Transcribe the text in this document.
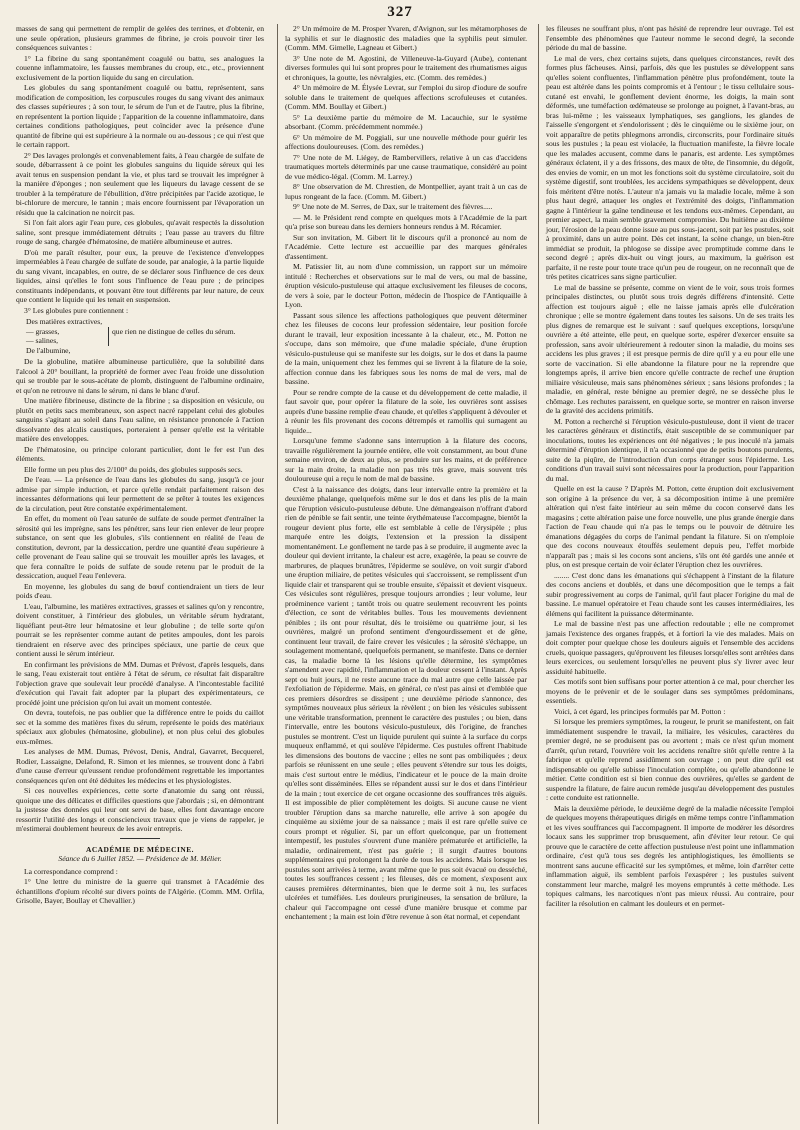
327

masses de sang qui permettent de remplir de gelées des terrines, et d'obtenir, en une seule opération, plusieurs grammes de fibrine, je crois pouvoir tirer les conséquences suivantes :

1° La fibrine du sang spontanément coagulé ou battu, ses analogues la couenne inflammatoire, les fausses membranes du croup, etc., etc., proviennent exclusivement de la portion liquide du sang en circulation.

Les globules du sang spontanément coagulé ou battu, représentent, sans modification de composition, les corpuscules rouges du sang vivant des animaux des classes supérieures ; à son tour, le sérum de l'un et de l'autre, plus la fibrine, en représentent la portion liquide ; l'apparition de la couenne inflammatoire, dans certaines conditions pathologiques, peut coïncider avec la présence d'une quantité de fibrine qui est supérieure à la normale ou au-dessous ; ce qui n'est que le certain rapport.

2° Des lavages prolongés et convenablement faits, à l'eau chargée de sulfate de soude, débarrassent à ce point les globules sanguins du liquide séreux qui les avait tenus en suspension pendant la vie, et plus tard se trouvait les imprégner à la manière d'éponges ; non seulement que les liqueurs du lavage cessent de se troubler à la température de l'ébullition, d'être précipitées par l'acide azotique, le bi-chlorure de mercure, le tannin ; mais encore fournissent par l'évaporation un résidu que la calcination ne noircit pas.

Si l'on fait alors agir l'eau pure, ces globules, qu'avait respectés la dissolution saline, sont presque immédiatement détruits ; l'eau passe au travers du filtre rouge de sang, chargée d'hématosine, de matière albumineuse et autres.

D'où me paraît résulter, pour eux, la preuve de l'existence d'enveloppes imperméables à l'eau chargée de sulfate de soude, par analogie, à la partie liquide du sang vivant, incapables, en outre, de se déclarer sous l'influence de ces deux liquides, ainsi qu'elles le font sous l'influence de l'eau pure ; de principes constituants indépendants, et pouvant être tout différents par leur nature, de ceux que contient le liquide qui les tenait en suspension.

3° Les globules pure contiennent :

Des matières extractives,
— grasses,
— salines,
que rien ne distingue de celles du sérum.
De l'albumine,

De la globuline, matière albumineuse particulière, que la solubilité dans l'alcool à 20° bouillant, la propriété de former avec l'eau froide une dissolution qui se trouble par le sous-acétate de plomb, distinguent de l'albumine ordinaire, et qu'on ne retrouve ni dans le sérum, ni dans le blanc d'œuf.

Une matière fibrineuse, distincte de la fibrine ; sa disposition en vésicule, ou plutôt en petits sacs membraneux, son aspect nacré rappelant celui des globules sanguins s'agitant au soleil dans l'eau saline, en résistance prononcée à l'action dissolvante des alcalis caustiques, porteraient à penser qu'elle est la véritable matière des enveloppes.

De l'hématosine, ou principe colorant particulier, dont le fer est l'un des éléments.

Elle forme un peu plus des 2/100° du poids, des globules supposés secs.

De l'eau. — La présence de l'eau dans les globules du sang, jusqu'à ce jour admise par simple induction, et parce qu'elle rendait parfaitement raison des incessantes déformations qui leur permettent de se prêter à toutes les exigences de la circulation, peut être constatée expérimentalement.

En effet, du moment où l'eau saturée de sulfate de soude permet d'entraîner la sérosité qui les imprègne, sans les pénétrer, sans leur rien enlever de leur propre substance, on sent que les globules, s'ils contiennent en réalité de l'eau de constitution, devront, par la dessiccation, perdre une quantité d'eau supérieure à celle provenant de l'eau saline qui se trouvait les mouiller après les lavages, et que fera connaître le poids de sulfate de soude retenu par le produit de la dessiccation, auquel l'eau l'enlevera.

En moyenne, les globules du sang de bœuf contiendraient un tiers de leur poids d'eau.

L'eau, l'albumine, les matières extractives, grasses et salines qu'on y rencontre, doivent constituer, à l'intérieur des globules, un véritable sérum hydratant, liquéfiant peut-être leur hématosine et leur globuline ; de telle sorte qu'on pourrait se les représenter comme autant de petites ampoules, dont les parois tiendraient en réserve avec des principes spéciaux, une partie de ceux que contient aussi le sérum intérieur.

En confirmant les prévisions de MM. Dumas et Prévost, d'après lesquels, dans le sang, l'eau existerait tout entière à l'état de sérum, ce résultat fait disparaître l'objection grave que soulevait leur procédé d'analyse. A l'incontestable facilité d'exécution qui l'avait fait adopter par la plupart des expérimentateurs, ce procédé joint une précision qu'on lui avait un moment contestée.

On devra, toutefois, ne pas oublier que la différence entre le poids du caillot sec et la somme des matières fixes du sérum, représente le poids des matériaux spéciaux aux globules (hématosine, globuline), et non plus celui des globules eux-mêmes.

Les analyses de MM. Dumas, Prévost, Denis, Andral, Gavarret, Becquerel, Rodier, Lassaigne, Delafond, R. Simon et les miennes, se trouvent donc à l'abri d'une cause d'erreur qu'eussent rendue profondément regrettable les importantes conséquences qu'en ont été déduites les médecins et les physiologistes.

Si ces nouvelles expériences, cette sorte d'anatomie du sang ont réussi, quoique une des délicates et difficiles questions que j'abordais ; si, en démontrant la justesse des données qui leur ont servi de base, elles font davantage encore ressortir l'utilité des longs et consciencieux travaux que je viens de rappeler, je m'estimerai doublement heureux de les avoir entrepris.

ACADÉMIE DE MÉDECINE.
Séance du 6 Juillet 1852. — Présidence de M. Mélier.

La correspondance comprend :

1° Une lettre du ministre de la guerre qui transmet à l'Académie des échantillons d'opium récolté sur divers points de l'Algérie. (Comm. MM. Orfila, Grisolle, Bayer, Boullay et Chevallier.)

2° Un mémoire de M. Prosper Yvaren, d'Avignon, sur les métamorphoses de la syphilis et sur le diagnostic des maladies que la syphilis peut simuler. (Comm. MM. Gimelle, Lagneau et Gibert.)

3° Une note de M. Agostini, de Villeneuve-la-Guyard (Aube), contenant diverses formules qui lui sont propres pour le traitement des rhumatismes aigus et chroniques, la goutte, les névralgies, etc. (Comm. des remèdes.)

4° Un mémoire de M. Élysée Levrat, sur l'emploi du sirop d'iodure de soufre soluble dans le traitement de quelques affections scrofuleuses et cutanées. (Comm. MM. Boullay et Gibert.)

5° La deuxième partie du mémoire de M. Lacauchie, sur le système absorbant. (Comm. précédemment nommée.)

6° Un mémoire de M. Poggiali, sur une nouvelle méthode pour guérir les affections douloureuses. (Com. des remèdes.)

7° Une note de M. Liégey, de Rambervillers, relative à un cas d'accidens traumatiques mortels déterminés par une cause traumatique, considéré au point de vue médico-légal. (Comm. M. Larrey.)

8° Une observation de M. Chrestien, de Montpellier, ayant trait à un cas de lupus rongeant de la face. (Comm. M. Gibert.)

9° Une note de M. Serres, de Dax, sur le traitement des fièvres.....

— M. le Président rend compte en quelques mots à l'Académie de la part qu'a prise son bureau dans les derniers honneurs rendus à M. Récamier.

Sur son invitation, M. Gibert lit le discours qu'il a prononcé au nom de l'Académie. Cette lecture est accueillie par des marques générales d'assentiment.

M. Patissier lit, au nom d'une commission, un rapport sur un mémoire intitulé : Recherches et observations sur le mal de vers, ou mal de bassine, éruption vésiculo-pustuleuse qui attaque exclusivement les fileuses de cocons, de vers à soie, par le docteur Potton, médecin de l'hospice de l'Antiquaille à Lyon.

Passant sous silence les affections pathologiques que peuvent déterminer chez les fileuses de cocons leur profession sédentaire, leur position forcée durant le travail, leur exposition incessante à la chaleur, etc., M. Potton ne s'occupe, dans son mémoire, que d'une maladie spéciale, d'une éruption vésiculo-pustuleuse qui se manifeste sur les doigts, sur le dos et dans la paume de la main, uniquement chez les femmes qui se livrent à la filature de la soie, affection connue dans les fabriques sous les noms de mal de vers, mal de bassine.

Pour se rendre compte de la cause et du développement de cette maladie, il faut savoir que, pour opérer la filature de la soie, les ouvrières sont assises auprès d'une bassine remplie d'eau chaude, et qu'elles s'appliquent à dévouler et à réunir les fils provenant des cocons détrempés et ramollis qui surnagent au liquide...

Lorsqu'une femme s'adonne sans interruption à la filature des cocons, travaille régulièrement la journée entière, elle voit constamment, au bout d'une semaine environ, de deux au plus, se produire sur les mains, et de préférence sur la main droite, la maladie non pas très très grave, mais souvent très douloureuse qui a reçu le nom de mal de bassine.

C'est à la naissance des doigts, dans leur intervalle entre la première et la deuxième phalange, quelquefois même sur le dos et dans les plis de la main que l'éruption vésiculo-pustuleuse débute. Une démangeaison n'offrant d'abord rien de pénible se fait sentir, une teinte érythémateuse l'accompagne, bientôt la rougeur devient plus forte, elle est semblable à celle de l'érysipèle ; plus marquée entre les doigts, l'extension et la pression la dissipent momentanément. Le gonflement ne tarde pas à se produire, il augmente avec la douleur qui devient irritante, la chaleur est acre, exagérée, la peau se couvre de marbrures, de plaques brunâtres, l'épiderme se soulève, on voit surgir d'abord une éruption miliaire, de petites vésicules qui s'accroissent, se remplissent d'un liquide clair et transparent qui se trouble ensuite, s'épaissit et devient visqueux. Ces vésicules sont régulières, presque toujours arrondies ; leur volume, leur proéminence varient ; tantôt trois ou quatre seulement recouvrent les points d'élection, ce sont de véritables bulles. Tous les mouvements deviennent pénibles ; ils ont pour résultat, dès le troisième ou quatrième jour, si les ouvrières, malgré un profond sentiment d'engourdissement et de gêne, continuent leur travail, de faire crever les vésicules ; la sérosité s'échappe, un soulagement momentané, quelquefois permanent, se manifeste. Dans ce dernier cas, la maladie borne là les lésions qu'elle détermine, les symptômes s'amendent avec rapidité, l'inflammation et la douleur cessent à l'instant. Après sept ou huit jours, il ne reste aucune trace du mal autre que celle laissée par l'exfoliation de l'épiderme. Mais, en général, ce n'est pas ainsi et d'emblée que ces premiers désordres se dissipent ; une deuxième période s'annonce, des symptômes nouveaux plus sérieux la révèlent ; on bien les vésicules subissent une véritable transformation, prennent le caractère des pustules ; ou bien, dans l'intervalle, entre les boutons vésiculo-pustuleux, dès l'origine, de franches pustules se montrent. C'est un liquide purulent qui suinte à la surface du corps muqueux enflammé, et qui soulève l'épiderme. Ces pustules offrent l'habitude les dimensions des boutons de vaccine ; elles ne sont pas ombiliquées ; deux parfois se réunissent en une seule ; elles peuvent s'étendre sur tous les doigts, mais c'est surtout entre le médius, l'indicateur et le pouce de la main droite qu'elles sont disséminées. Elles se répandent aussi sur le dos et dans l'intérieur de la main ; tout exercice de cet organe occasionne des souffrances très aiguës. Il est impossible de plier complètement les doigts. Si aucune cause ne vient troubler l'éruption dans sa marche naturelle, elle arrive à son apogée du cinquième au sixième jour de sa naissance ; mais il est rare qu'elle suive ce cours prompt et régulier. Si, par un effort quelconque, par un frottement intempestif, les pustules s'ouvrent d'une manière prématurée et artificielle, la maladie, ordinairement, n'est pas guérie ; il surgit d'autres boutons supplémentaires qui prolongent la durée de tous les accidens. Mais lorsque les pustules sont arrivées à terme, avant même que le pus soit évacué ou desséché, toutes les souffrances cessent ; les fileuses, dès ce moment, s'exposent aux causes premières déterminantes, bien que le derme soit à nu, les surfaces ulcérées et tuméfiées. Les douleurs prurigineuses, la sensation de brûlure, la chaleur qui l'accompagne ont cessé d'une manière brusque et comme par enchantement ; la main est loin d'être revenue à son état normal, et cependant

les fileuses ne souffrant plus, n'ont pas hésité de reprendre leur ouvrage. Tel est l'ensemble des phénomènes que l'auteur nomme le second degré, la seconde période du mal de bassine.

Le mal de vers, chez certains sujets, dans quelques circonstances, revêt des formes plus fâcheuses. Ainsi, parfois, dès que les pustules se développent sans qu'elles soient confluentes, l'inflammation pénètre plus profondément, toute la peau est altérée dans les points compromis et à l'entour ; le tissu cellulaire sous-cutané est envahi, le gonflement devient énorme, les doigts, la main sont déformés, une tuméfaction œdémateuse se prolonge au poignet, à l'avant-bras, au bras lui-même ; les vaisseaux lymphatiques, ses ganglions, les glandes de l'aisselle s'engorgent et s'endolorissent ; dès le cinquième ou le sixième jour, on voit apparaître de petits phlegmons arrondis, circonscrits, pour l'ordinaire situés sous les pustules ; la peau est violacée, la fluctuation manifeste, la fièvre locale que les malades accusent, comme dans le panaris, est ardente. Les symptômes généraux éclatent, il y a des frissons, des maux de tête, de l'insomnie, du dégoût, des envies de vomir, en un mot les fonctions soit du système circulatoire, soit du système digestif, sont troublées, les accidens sympathiques se développent, deux fois méritent d'être notés. L'auteur n'a jamais vu la maladie locale, même à son plus haut degré, attaquer les ongles et l'extrémité des doigts, l'inflammation gagne à l'intérieur la gaîne tendineuse et les tendons eux-mêmes. Cependant, au premier aspect, la main semble gravement compromise. Du huitième au dixième jour, l'érosion de la peau donne issue au pus sous-jacent, soit par les pustules, soit à proximité, dans un autre point. Dès cet instant, la scène change, un bien-être immédiat se produit, la phlogose se dissipe avec promptitude comme dans le second degré ; après dix-huit ou vingt jours, au maximum, la guérison est parfaite, il ne reste pour toute trace qu'un peu de rougeur, on ne reconnaît que de très petites cicatrices sans signe particulier.

Le mal de bassine se présente, comme on vient de le voir, sous trois formes principales distinctes, ou plutôt sous trois degrés différens d'intensité. Cette affection est toujours aiguë ; elle ne laisse jamais après elle d'ulcération chronique ; elle se montre également dans toutes les saisons. Un de ses traits les plus dignes de remarque est le suivant : sauf quelques exceptions, lorsqu'une ouvrière a été atteinte, elle peut, en quelque sorte, espérer d'exercer ensuite sa profession, sans avoir ultérieurement à redouter sinon la maladie, du moins ses accidens les plus graves ; il est presque permis de dire qu'il y a eu pour elle une sorte de vaccination. Si elle abandonne la filature pour ne la reprendre que longtemps après, il arrive bien encore qu'elle contracte de rechef une éruption miliaire vésiculeuse, mais sans phénomènes sérieux ; sans lésions profondes ; la maladie, en général, reste bénigne au premier degré, ne se dessèche plus le chômage. Les rechutes paraissent, en quelque sorte, se montrer en raison inverse de la gravité des accidens primitifs.

M. Potton a recherché si l'éruption vésiculo-pustuleuse, dont il vient de tracer les caractères généraux et distinctifs, était susceptible de se communiquer par inoculations, toutes les expériences ont été négatives ; le pus inoculé n'a jamais déterminé d'éruption identique, il n'a occasionné que de petits boutons purulents, suite de la piqûre, de l'introduction d'un corps étranger sous l'épiderme. Les conditions d'un travail suivi sont nécessaires pour la production, pour l'apparition du mal.

Quelle en est la cause ? D'après M. Potton, cette éruption doit exclusivement son origine à la présence du ver, à sa décomposition intime à une première altération qui n'est faite intérieur au sein même du cocon conservé dans les magasins ; cette altération paise une force nouvelle, une plus grande énergie dans l'action de l'eau chaude qui n'a pas le temps ou le pouvoir de détruire les émanations dégagées du corps de l'animal pendant la filature. Si on n'emploie que des cocons nouveaux étouffés seulement depuis peu, l'effet morbide n'apparaît pas ; mais si les cocons sont anciens, s'ils ont été gardés une année et plus, on est presque certain de voir éclater l'éruption chez les ouvrières.

........ C'est donc dans les émanations qui s'échappent à l'instant de la filature des cocons anciens et doublés, et dans une décomposition que le temps a fait subir progressivement au corps de l'animal, qu'il faut placer l'origine du mal de bassine. Le manuel opératoire et l'eau chaude sont les causes intermédiaires, les élémens qui facilitent la puissance déterminante.

Le mal de bassine n'est pas une affection redoutable ; elle ne compromet jamais l'existence des organes frappés, et à fortiori la vie des malades. Mais on doit compter pour quelque chose les douleurs aiguës et l'ensemble des accidens cruels, quoique passagers, qu'éprouvent les fileuses lorsqu'elles sont arrêtées dans leurs exercices, ou seulement lorsqu'elles ne peuvent plus s'y livrer avec leur assiduité habituelle.

Ces motifs sont bien suffisans pour porter attention à ce mal, pour chercher les moyens de le prévenir et de le soulager dans ses symptômes prédominans, essentiels.

Voici, à cet égard, les principes formulés par M. Potton :

Si lorsque les premiers symptômes, la rougeur, le prurit se manifestent, on fait immédiatement suspendre le travail, la miliaire, les vésicules, caractères du premier degré, ne se produisent pas ou avortent ; mais ce n'est qu'un moment d'arrêt, qu'un retard, l'ouvrière voit les accidens renaître sitôt qu'elle rentre à la fabrique et qu'elle reprend assidûment son ouvrage ; on peut dire qu'il est indispensable ou qu'elle subisse l'inoculation complète, ou qu'elle abandonne le métier. Cette condition est si bien connue des ouvrières, qu'elles se gardent de suspendre la filature, de faire aucun remède jusqu'au développement des pustules : cette conduite est rationnelle.

Mais la deuxième période, le deuxième degré de la maladie nécessite l'emploi de quelques moyens thérapeutiques dirigés en même temps contre l'inflammation et les vives souffrances qui l'accompagnent. Il importe de modérer les désordres locaux sans les supprimer trop brusquement, afin d'éviter leur retour. Ce qui prouve que le caractère de cette affection pustuleuse n'est point une inflammation ordinaire, c'est qu'à tous ses degrés les antiphlogistiques, les émollients se montrent sans aucune efficacité sur les symptômes, et même, loin d'arrêter cette inflammation aiguë, ils semblent parfois l'exaspérer ; les pustules suivent constamment leur marche, malgré les moyens empruntés à cette méthode. Les topiques calmans, les narcotiques n'ont pas mieux réussi. Au contraire, pour faciliter la résolution en calmant les douleurs et en permet-
